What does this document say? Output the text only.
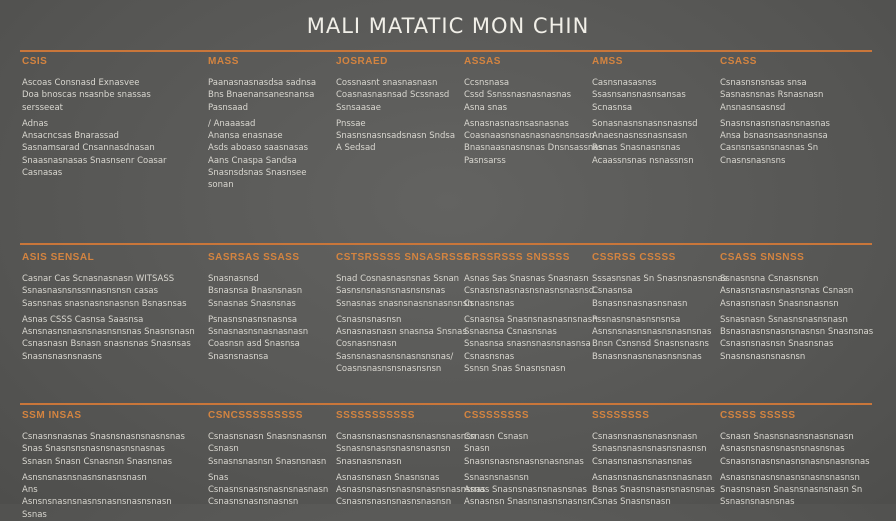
MALI MATATIC MON CHIN
CSIS
Ascoas Consnasd Exnasvee
Doa bnoscas nsasnbe snassas
sersseeat
Adnas
Ansacncsas Bnarassad
Sasnamsarad Cnsannasdnasan
Snaasnasnasas Snasnsenr Coasar
Casnasas
MASS
Paanasnasnasdsa sadnsa
Bns Bnaenansanesnansa
Pasnsaad
/ Anaaasad
Anansa enasnase
Asds aboaso saasnasas
Aans Cnaspa Sandsa
Snasnsdsnas Snasnsee
sonan
JOSRAED
Cossnasnt snasnasnasn
Coasnasnasnsad Scssnasd
Ssnsaasae
Pnssae
Snasnsnasnsadsnasn Sndsa
A Sedsad
ASSAS
Ccsnsnasa
Cssd Ssnssnasnasnasnas
Asna snas
Asnasnasnasnsasnasnas
Coasnaasnsnasnasnasnsnsasn
Bnasnaasnasnsnas Dnsnsassnas
Pasnsarss
AMSS
Casnsnasasnss
Ssasnsansnasnsansas
Scnasnsa
Sonasnasnsnasnsnasnsd
Anaesnasnssnasnsasn
Rsnas Snasnasnsnas
Acaassnsnas nsnassnsn
CSASS
Csnasnsnsnsas snsa
Sasnasnsnas Rsnasnasn
Ansnasnsasnsd
Snasnsnasnsnasnsnasnas
Ansa bsnasnsasnsnasnsa
Casnsnsasnsnasnas Sn
Cnasnsnasnsns
ASIS SENSAL
Casnar Cas Scnasnasnasn WITSASS
Ssnasnasnsnssnnasnsnsn casas
Sasnsnas snasnasnsnasnsn Bsnasnsas
Asnas CSSS Casnsa Saasnsa
Asnsnasnsnasnsnasnsnsnas Snasnsnasn
Csnasnasn Bsnasn snasnsnas Snasnsas
Snasnsnasnsnasns
SASRSAS SSASS
Snasnasnsd
Bsnasnsa Bnasnsnasn
Ssnasnas Snasnsnas
Psnasnsnasnsnasnsa
Ssnasnasnsnasnasnasn
Coasnsn asd Snasnsa
Snasnsnasnsa
CSTSRSSSS SNSASRSSS
Snad Cosnasnasnsnas Ssnan
Sasnsnsnasnsnasnsnsnas
Ssnasnas snasnsnasnsnasnsnsn
Csnasnsnasnsn
Asnasnasnasn snasnsa Snsnas
Cosnasnsnasn
Sasnsnasnasnsnasnsnsnas/
Coasnsnasnsnsnasnsnsn
CRSSRSSS SNSSSS
Asnas Sas Snasnas Snasnasn
Csnasnsnasnasnsnasnsnasnsd
Csnasnsnas
Csnasnsa Snasnsnasnasnsnasn
Ssnasnsa Csnasnsnas
Ssnasnsa snasnsnasnsnasnsa
Csnasnsnas
Ssnsn Snas Snasnsnasn
CSSRSS CSSSS
Sssasnsnas Sn Snasnsnasnsnas
Csnasnsa
Bsnasnsnasnasnsnasn
Pssnasnsnasnsnsnsa
Asnsnsnasnsnasnsnasnsnas
Bnsn Csnsnsd Snasnsnasns
Bsnasnsnasnsnasnsnsnas
CSASS SNSNSS
Ssnasnsna Csnasnsnsn
Asnasnsnasnsnasnsnas Csnasn
Asnasnsnasn Snasnsnasnsn
Ssnasnasn Ssnasnsnasnsnasn
Bsnasnasnsnasnsnasnsn Snasnsnas
Csnasnsnasnsn Snasnsnas
Snasnsnasnsnasnsn
SSM INSAS
Csnasnsnasnas Snasnsnasnsnasnsnas
Snas Snasnsnsnasnsnasnsnasnas
Ssnasn Snasn Csnasnsn Snasnsnas
Asnsnsnasnsnasnsnasnsnasn
Ans
Asnsnsnasnsnasnsnasnsnasnsnasn
Ssnas
CSNCSSSSSSSSS
Csnasnsnasn Snasnsnasnsn
Csnasn
Ssnasnsnasnsn Snasnsnasn
Snas
Csnasnsnasnsnasnsnasnasn
Csnasnsnasnsnasnsn
SSSSSSSSSSS
Csnasnsnasnsnasnsnasnsnasnsn
Ssnasnsnasnsnasnsnasnsn
Snasnasnsnasn
Asnasnsnasn Snasnsnas
Asnasnsnasnsnasnsnasnsnasnsnas
Csnasnsnasnsnasnsnasnsn
CSSSSSSSS
Csnasn Csnasn
Snasn
Snasnsnasnsnasnsnasnsnas
Ssnasnsnasnsn
Asnas Snasnsnasnsnasnsnas
Asnasnsn Snasnsnasnsnasnsn
SSSSSSSS
Csnasnsnasnsnasnsnasn
Ssnasnsnasnsnasnsnasnsn
Csnasnsnasnsnasnsnas
Asnasnsnasnsnasnsnasnasn
Bsnas Snasnsnasnsnasnsnas
Csnas Snasnsnasn
CSSSS SSSSS
Csnasn Snasnsnasnsnasnsnasn
Asnasnsnasnsnasnsnasnsnas
Csnasnsnasnsnasnsnasnsnasnsnas
Asnasnsnasnsnasnsnasnsnasnsn
Snasnsnasn Snasnsnasnsnasn Sn
Ssnasnsnasnsnas
